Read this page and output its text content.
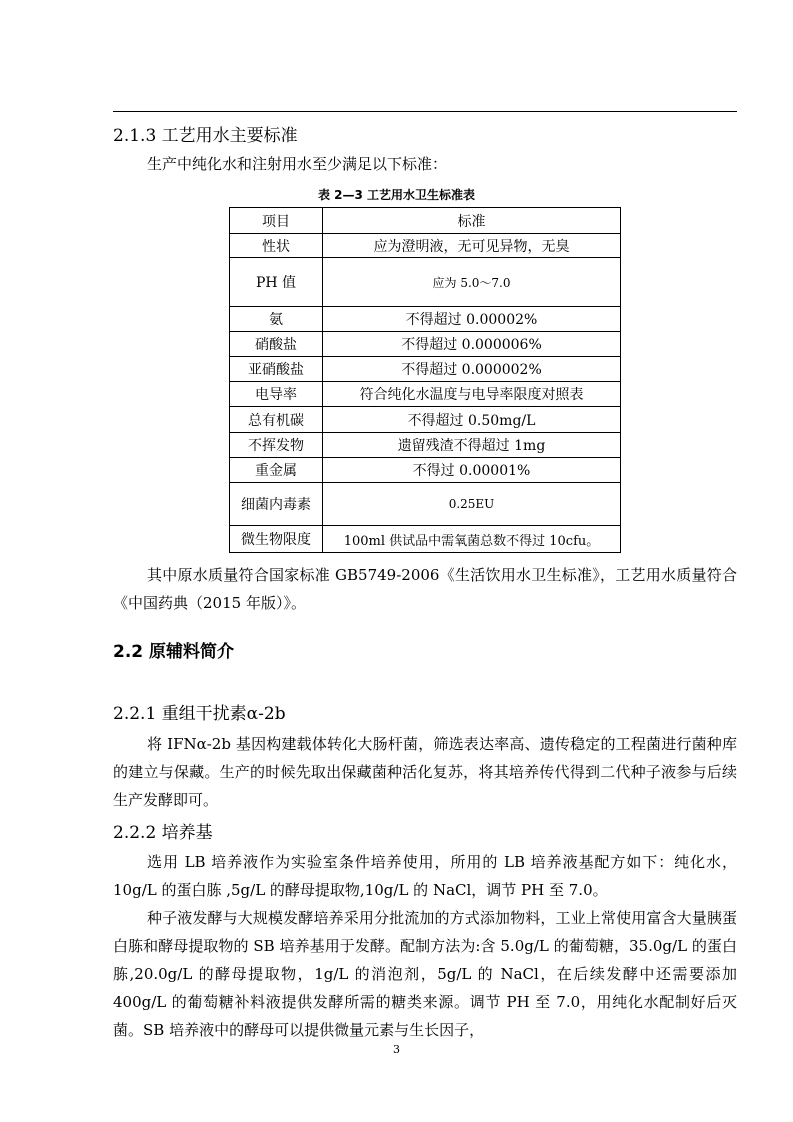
2.1.3 工艺用水主要标准

生产中纯化水和注射用水至少满足以下标准：

表 2—3 工艺用水卫生标准表
项目	标准
性状	应为澄明液，无可见异物，无臭
PH 值	应为 5.0～7.0
氨	不得超过 0.00002%
硝酸盐	不得超过 0.000006%
亚硝酸盐	不得超过 0.000002%
电导率	符合纯化水温度与电导率限度对照表
总有机碳	不得超过 0.50mg/L
不挥发物	遗留残渣不得超过 1mg
重金属	不得过 0.00001%
细菌内毒素	0.25EU
微生物限度	100ml 供试品中需氧菌总数不得过 10cfu。

其中原水质量符合国家标准 GB5749-2006《生活饮用水卫生标准》，工艺用水质量符合《中国药典（2015 年版）》。

2.2 原辅料简介
2.2.1 重组干扰素α-2b

将 IFNα-2b 基因构建载体转化大肠杆菌，筛选表达率高、遗传稳定的工程菌进行菌种库的建立与保藏。生产的时候先取出保藏菌种活化复苏，将其培养传代得到二代种子液参与后续生产发酵即可。

2.2.2 培养基

选用 LB 培养液作为实验室条件培养使用，所用的 LB 培养液基配方如下：纯化水，10g/L 的蛋白胨 ,5g/L 的酵母提取物,10g/L 的 NaCl，调节 PH 至 7.0。

种子液发酵与大规模发酵培养采用分批流加的方式添加物料，工业上常使用富含大量胰蛋白胨和酵母提取物的 SB 培养基用于发酵。配制方法为:含 5.0g/L 的葡萄糖，35.0g/L 的蛋白胨,20.0g/L 的酵母提取物，1g/L 的消泡剂，5g/L 的 NaCl，在后续发酵中还需要添加 400g/L 的葡萄糖补料液提供发酵所需的糖类来源。调节 PH 至 7.0，用纯化水配制好后灭菌。SB 培养液中的酵母可以提供微量元素与生长因子，

3
